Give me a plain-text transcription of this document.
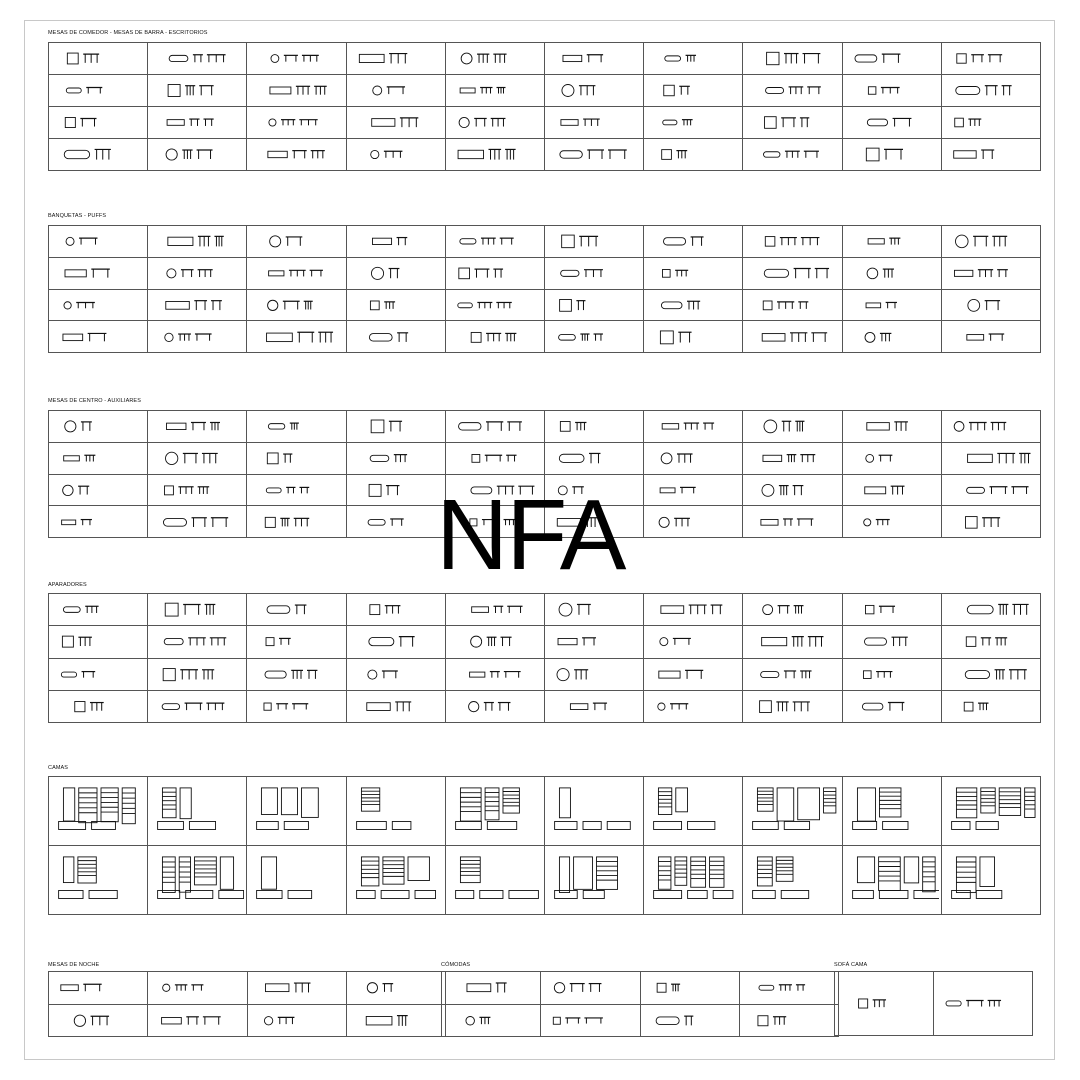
MESAS DE COMEDOR - MESAS DE BARRA - ESCRITORIOS

BANQUETAS - PUFFS

MESAS DE CENTRO - AUXILIARES

APARADORES

CAMAS

MESAS DE NOCHE

		CÓMODAS

		SOFÁ CAMA

NFA
